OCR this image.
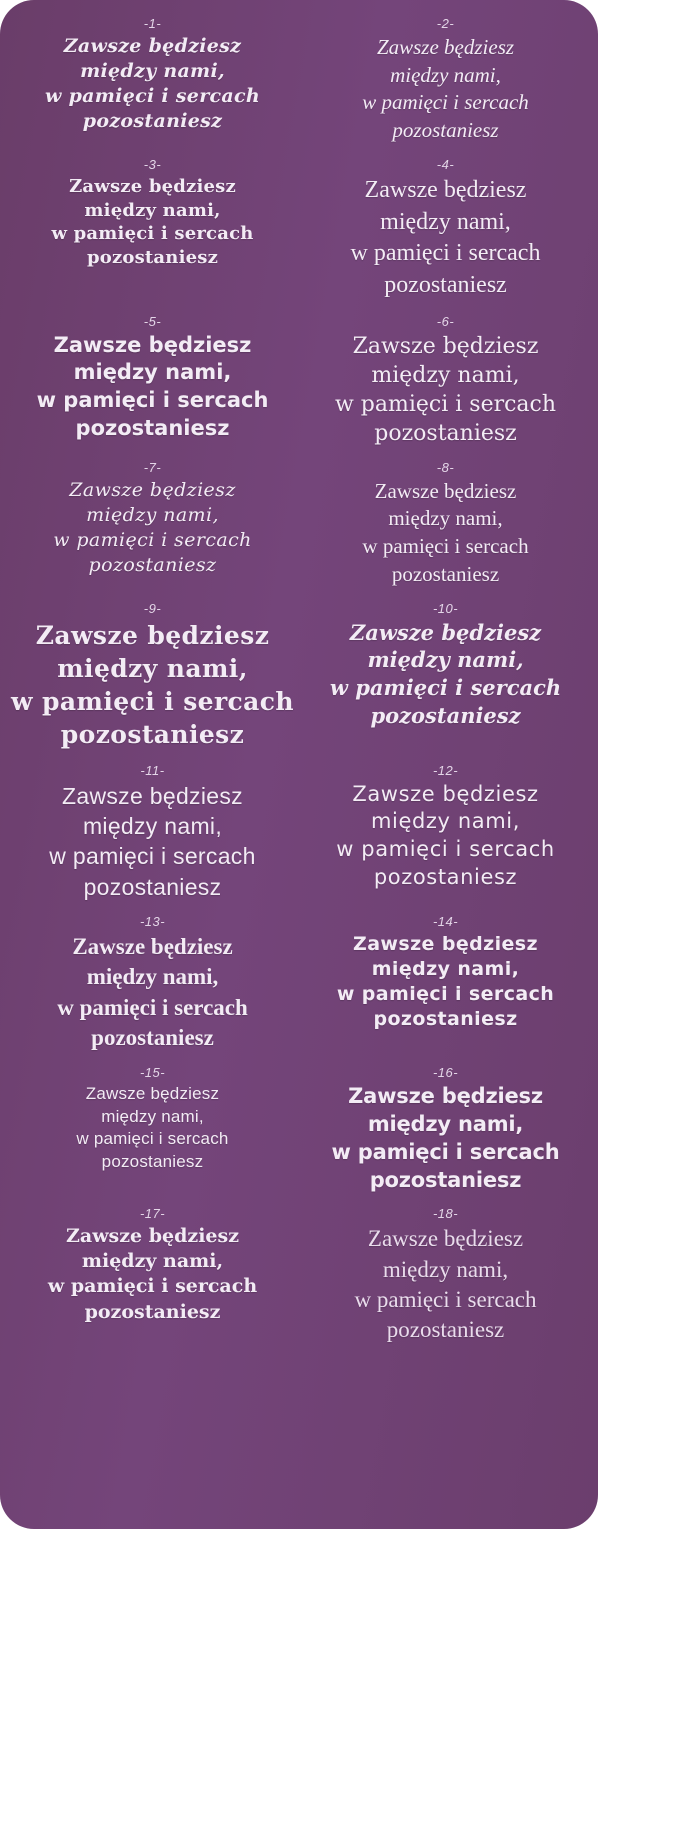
-1-
Zawsze będziesz
między nami,
w pamięci i sercach
pozostaniesz
-2-
Zawsze będziesz
między nami,
w pamięci i sercach
pozostaniesz
-3-
Zawsze będziesz
między nami,
w pamięci i sercach
pozostaniesz
-4-
Zawsze będziesz
między nami,
w pamięci i sercach
pozostaniesz
-5-
Zawsze będziesz
między nami,
w pamięci i sercach
pozostaniesz
-6-
Zawsze będziesz
między nami,
w pamięci i sercach
pozostaniesz
-7-
Zawsze będziesz
między nami,
w pamięci i sercach
pozostaniesz
-8-
Zawsze będziesz
między nami,
w pamięci i sercach
pozostaniesz
-9-
Zawsze będziesz
między nami,
w pamięci i sercach
pozostaniesz
-10-
Zawsze będziesz
między nami,
w pamięci i sercach
pozostaniesz
-11-
Zawsze będziesz
między nami,
w pamięci i sercach
pozostaniesz
-12-
Zawsze będziesz
między nami,
w pamięci i sercach
pozostaniesz
-13-
Zawsze będziesz
między nami,
w pamięci i sercach
pozostaniesz
-14-
Zawsze będziesz
między nami,
w pamięci i sercach
pozostaniesz
-15-
Zawsze będziesz
między nami,
w pamięci i sercach
pozostaniesz
-16-
Zawsze będziesz
między nami,
w pamięci i sercach
pozostaniesz
-17-
Zawsze będziesz
między nami,
w pamięci i sercach
pozostaniesz
-18-
Zawsze będziesz
między nami,
w pamięci i sercach
pozostaniesz
